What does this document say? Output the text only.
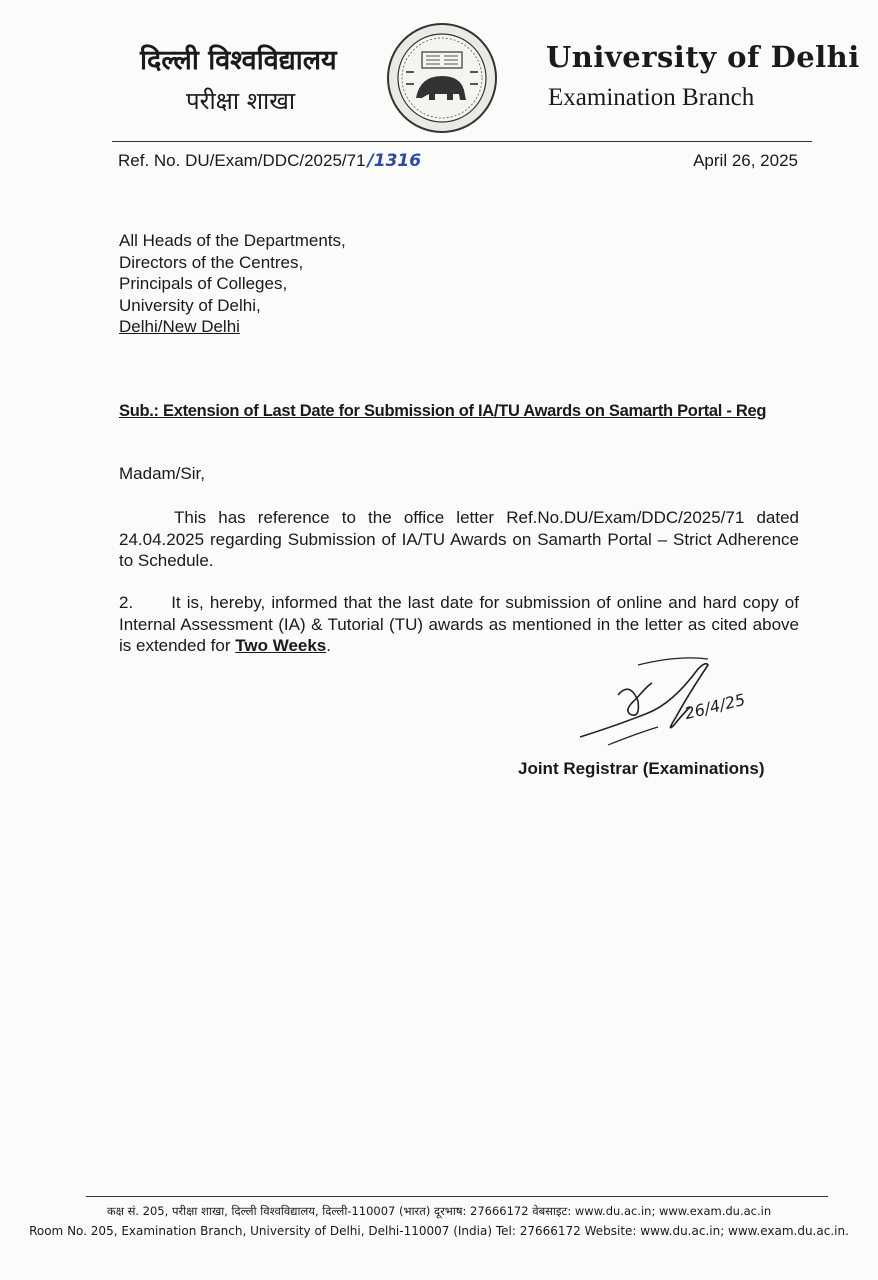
दिल्ली विश्वविद्यालय
परीक्षा शाखा
University of Delhi
Examination Branch
Ref. No. DU/Exam/DDC/2025/71 /1316	April 26, 2025
All Heads of the Departments,
Directors of the Centres,
Principals of Colleges,
University of Delhi,
Delhi/New Delhi
Sub.: Extension of Last Date for Submission of IA/TU Awards on Samarth Portal - Reg
Madam/Sir,
This has reference to the office letter Ref.No.DU/Exam/DDC/2025/71 dated 24.04.2025 regarding Submission of IA/TU Awards on Samarth Portal – Strict Adherence to Schedule.
2. It is, hereby, informed that the last date for submission of online and hard copy of Internal Assessment (IA) & Tutorial (TU) awards as mentioned in the letter as cited above is extended for Two Weeks.
26/4/25
Joint Registrar (Examinations)
कक्ष सं. 205, परीक्षा शाखा, दिल्ली विश्वविद्यालय, दिल्ली-110007 (भारत) दूरभाष: 27666172 वेबसाइट: www.du.ac.in; www.exam.du.ac.in
Room No. 205, Examination Branch, University of Delhi, Delhi-110007 (India) Tel: 27666172 Website: www.du.ac.in; www.exam.du.ac.in.
